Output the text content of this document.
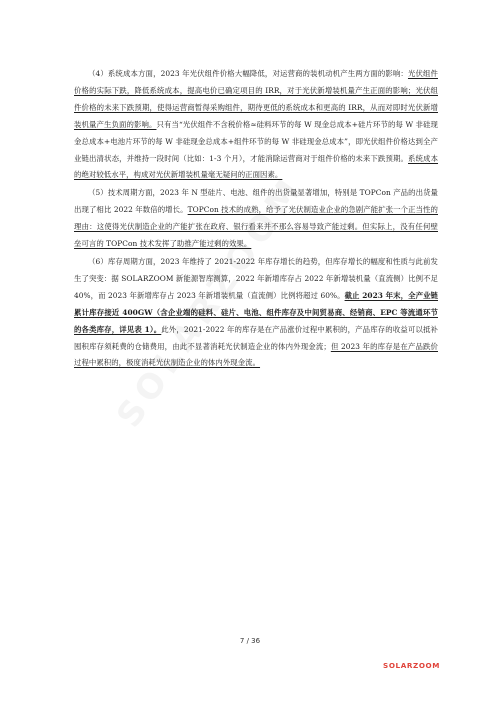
（4）系统成本方面，2023 年光伏组件价格大幅降低，对运营商的装机动机产生两方面的影响：光伏组件价格的实际下跌，降低系统成本，提高电价已确定项目的 IRR，对于光伏新增装机量产生正面的影响；光伏组件价格的未来下跌预期，使得运营商暂得采购组件，期待更低的系统成本和更高的 IRR，从而对即时光伏新增装机量产生负面的影响。只有当“光伏组件不含税价格≈硅料环节的每 W 现金总成本+硅片环节的每 W 非硅现金总成本+电池片环节的每 W 非硅现金总成本+组件环节的每 W 非硅现金总成本”，即光伏组件价格达到全产业链出清状态，并维持一段时间（比如：1-3 个月），才能消除运营商对于组件价格的未来下跌预期。系统成本的绝对较低水平，构成对光伏新增装机量毫无疑问的正面因素。

（5）技术周期方面，2023 年 N 型硅片、电池、组件的出货量显著增加，特别是 TOPCon 产品的出货量出现了相比 2022 年数倍的增长。TOPCon 技术的成熟，给予了光伏制造业企业的急剧产能扩张一个正当性的理由：这使得光伏制造企业的产能扩张在政府、银行看来并不那么容易导致产能过剩。但实际上，没有任何壁垒可言的 TOPCon 技术发挥了助推产能过剩的效果。

（6）库存周期方面，2023 年维持了 2021-2022 年库存增长的趋势，但库存增长的幅度和性质与此前发生了突变：据 SOLARZOOM 新能源智库测算，2022 年新增库存占 2022 年新增装机量（直流侧）比例不足 40%，而 2023 年新增库存占 2023 年新增装机量（直流侧）比例将超过 60%。截止 2023 年末，全产业链累计库存接近 400GW（含企业端的硅料、硅片、电池、组件库存及中间贸易商、经销商、EPC 等流通环节的各类库存，详见表 1）。此外，2021-2022 年的库存是在产品涨价过程中累积的，产品库存的收益可以抵补囤积库存须耗费的仓储费用，由此不显著消耗光伏制造企业的体内外现金流；但 2023 年的库存是在产品跌价过程中累积的，极度消耗光伏制造企业的体内外现金流。

7 / 36
SOLARZOOM
